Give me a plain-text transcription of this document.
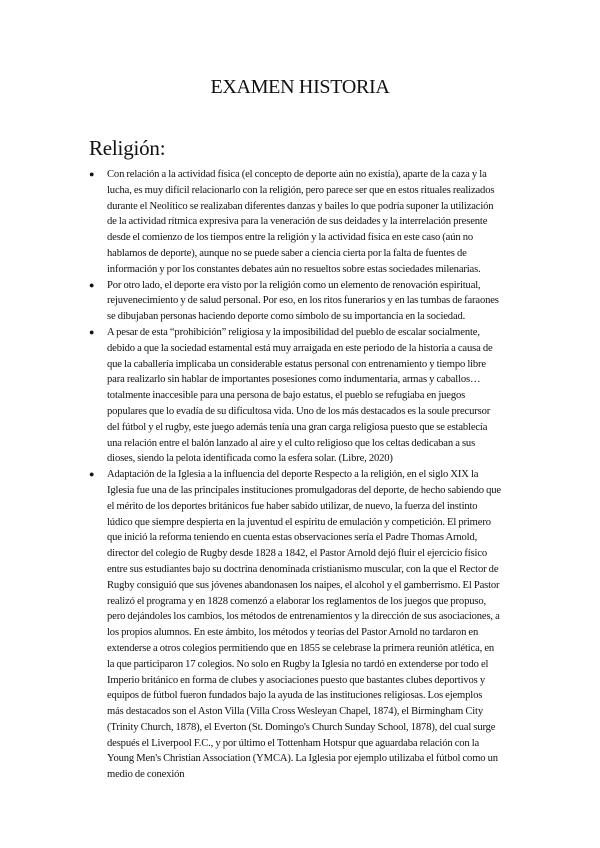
EXAMEN HISTORIA
Religión:
● Con relación a la actividad física (el concepto de deporte aún no existía), aparte de la caza y la lucha, es muy difícil relacionarlo con la religión, pero parece ser que en estos rituales realizados durante el Neolítico se realizaban diferentes danzas y bailes lo que podría suponer la utilización de la actividad rítmica expresiva para la veneración de sus deidades y la interrelación presente desde el comienzo de los tiempos entre la religión y la actividad física en este caso (aún no hablamos de deporte), aunque no se puede saber a ciencia cierta por la falta de fuentes de información y por los constantes debates aún no resueltos sobre estas sociedades milenarias.
● Por otro lado, el deporte era visto por la religión como un elemento de renovación espiritual, rejuvenecimiento y de salud personal. Por eso, en los ritos funerarios y en las tumbas de faraones se dibujaban personas haciendo deporte como símbolo de su importancia en la sociedad.
● A pesar de esta “prohibición” religiosa y la imposibilidad del pueblo de escalar socialmente, debido a que la sociedad estamental está muy arraigada en este periodo de la historia a causa de que la caballería implicaba un considerable estatus personal con entrenamiento y tiempo libre para realizarlo sin hablar de importantes posesiones como indumentaria, armas y caballos… totalmente inaccesible para una persona de bajo estatus, el pueblo se refugiaba en juegos populares que lo evadía de su dificultosa vida. Uno de los más destacados es la soule precursor del fútbol y el rugby, este juego además tenía una gran carga religiosa puesto que se establecía una relación entre el balón lanzado al aire y el culto religioso que los celtas dedicaban a sus dioses, siendo la pelota identificada como la esfera solar. (Libre, 2020)
● Adaptación de la Iglesia a la influencia del deporte Respecto a la religión, en el siglo XIX la Iglesia fue una de las principales instituciones promulgadoras del deporte, de hecho sabiendo que el mérito de los deportes británicos fue haber sabido utilizar, de nuevo, la fuerza del instinto lúdico que siempre despierta en la juventud el espíritu de emulación y competición. El primero que inició la reforma teniendo en cuenta estas observaciones sería el Padre Thomas Arnold, director del colegio de Rugby desde 1828 a 1842, el Pastor Arnold dejó fluir el ejercicio físico entre sus estudiantes bajo su doctrina denominada cristianismo muscular, con la que el Rector de Rugby consiguió que sus jóvenes abandonasen los naipes, el alcohol y el gamberrismo. El Pastor realizó el programa y en 1828 comenzó a elaborar los reglamentos de los juegos que propuso, pero dejándoles los cambios, los métodos de entrenamientos y la dirección de sus asociaciones, a los propios alumnos. En este ámbito, los métodos y teorías del Pastor Arnold no tardaron en extenderse a otros colegios permitiendo que en 1855 se celebrase la primera reunión atlética, en la que participaron 17 colegios. No solo en Rugby la Iglesia no tardó en extenderse por todo el Imperio británico en forma de clubes y asociaciones puesto que bastantes clubes deportivos y equipos de fútbol fueron fundados bajo la ayuda de las instituciones religiosas. Los ejemplos más destacados son el Aston Villa (Villa Cross Wesleyan Chapel, 1874), el Birmingham City (Trinity Church, 1878), el Everton (St. Domingo's Church Sunday School, 1878), del cual surge después el Liverpool F.C., y por último el Tottenham Hotspur que aguardaba relación con la Young Men's Christian Association (YMCA). La Iglesia por ejemplo utilizaba el fútbol como un medio de conexión
